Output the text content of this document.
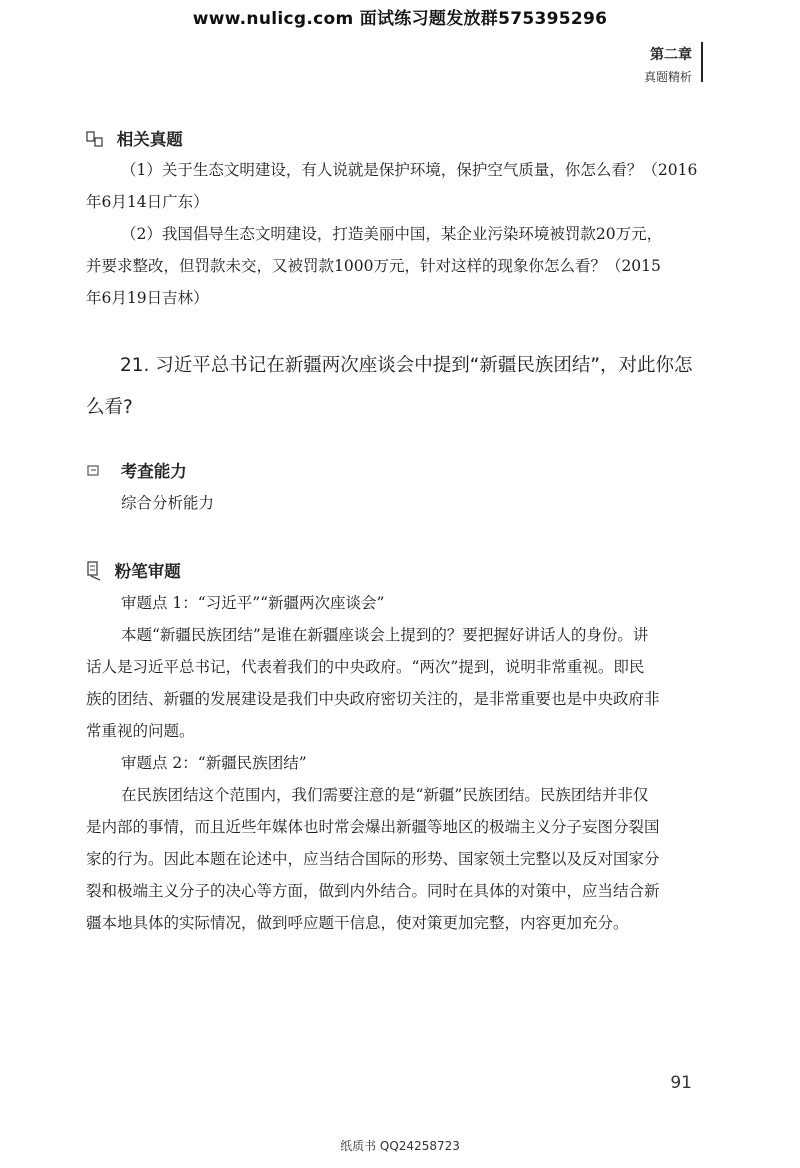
www.nulicg.com 面试练习题发放群575395296
第二章
真题精析
相关真题
（1）关于生态文明建设，有人说就是保护环境，保护空气质量，你怎么看？（2016
年6月14日广东）
（2）我国倡导生态文明建设，打造美丽中国，某企业污染环境被罚款20万元，
并要求整改，但罚款未交，又被罚款1000万元，针对这样的现象你怎么看？（2015
年6月19日吉林）
21. 习近平总书记在新疆两次座谈会中提到“新疆民族团结”，对此你怎
么看?
考查能力
综合分析能力
粉笔审题
审题点 1：“习近平”“新疆两次座谈会”
本题“新疆民族团结”是谁在新疆座谈会上提到的？要把握好讲话人的身份。讲
话人是习近平总书记，代表着我们的中央政府。“两次”提到，说明非常重视。即民
族的团结、新疆的发展建设是我们中央政府密切关注的，是非常重要也是中央政府非
常重视的问题。
审题点 2：“新疆民族团结”
在民族团结这个范围内，我们需要注意的是“新疆”民族团结。民族团结并非仅
是内部的事情，而且近些年媒体也时常会爆出新疆等地区的极端主义分子妄图分裂国
家的行为。因此本题在论述中，应当结合国际的形势、国家领土完整以及反对国家分
裂和极端主义分子的决心等方面，做到内外结合。同时在具体的对策中，应当结合新
疆本地具体的实际情况，做到呼应题干信息，使对策更加完整，内容更加充分。
91
纸质书 QQ24258723
